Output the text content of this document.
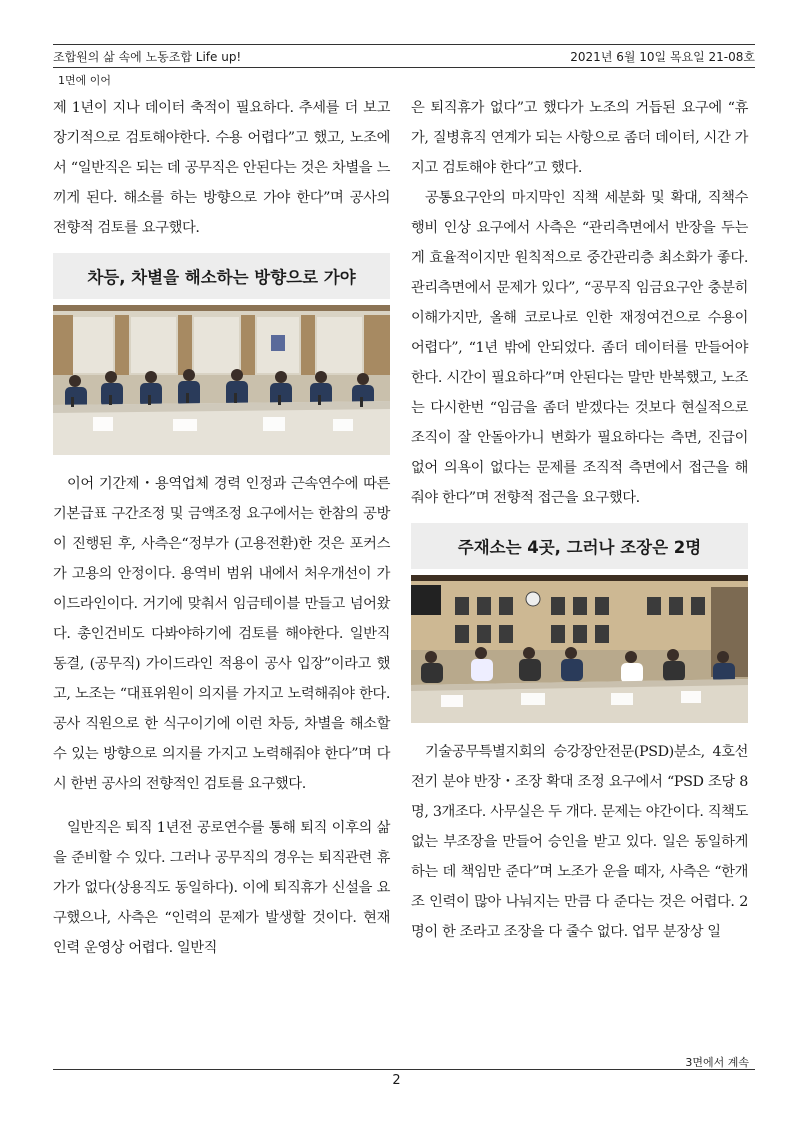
조합원의 삶 속에 노동조합 Life up!	2021년 6월 10일 목요일 21-08호
1면에 이어

제 1년이 지나 데이터 축적이 필요하다. 추세를 더 보고 장기적으로 검토해야한다. 수용 어렵다”고 했고, 노조에서 “일반직은 되는 데 공무직은 안된다는 것은 차별을 느끼게 된다. 해소를 하는 방향으로 가야 한다”며 공사의 전향적 검토를 요구했다.

차등, 차별을 해소하는 방향으로 가야

이어 기간제・용역업체 경력 인정과 근속연수에 따른 기본급표 구간조정 및 금액조정 요구에서는 한참의 공방이 진행된 후, 사측은“정부가 (고용전환)한 것은 포커스가 고용의 안정이다. 용역비 범위 내에서 처우개선이 가이드라인이다. 거기에 맞춰서 임금테이블 만들고 넘어왔다. 총인건비도 다봐야하기에 검토를 해야한다. 일반직 동결, (공무직) 가이드라인 적용이 공사 입장”이라고 했고, 노조는 “대표위원이 의지를 가지고 노력해줘야 한다. 공사 직원으로 한 식구이기에 이런 차등, 차별을 해소할 수 있는 방향으로 의지를 가지고 노력해줘야 한다”며 다시 한번 공사의 전향적인 검토를 요구했다.

일반직은 퇴직 1년전 공로연수를 통해 퇴직 이후의 삶을 준비할 수 있다. 그러나 공무직의 경우는 퇴직관련 휴가가 없다(상용직도 동일하다). 이에 퇴직휴가 신설을 요구했으나, 사측은 “인력의 문제가 발생할 것이다. 현재 인력 운영상 어렵다. 일반직

은 퇴직휴가 없다”고 했다가 노조의 거듭된 요구에 “휴가, 질병휴직 연계가 되는 사항으로 좀더 데이터, 시간 가지고 검토해야 한다”고 했다.

공통요구안의 마지막인 직책 세분화 및 확대, 직책수행비 인상 요구에서 사측은 “관리측면에서 반장을 두는 게 효율적이지만 원칙적으로 중간관리층 최소화가 좋다. 관리측면에서 문제가 있다”, “공무직 임금요구안 충분히 이해가지만, 올해 코로나로 인한 재정여건으로 수용이 어렵다”, “1년 밖에 안되었다. 좀더 데이터를 만들어야 한다. 시간이 필요하다”며 안된다는 말만 반복했고, 노조는 다시한번 “임금을 좀더 받겠다는 것보다 현실적으로 조직이 잘 안돌아가니 변화가 필요하다는 측면, 진급이 없어 의욕이 없다는 문제를 조직적 측면에서 접근을 해줘야 한다”며 전향적 접근을 요구했다.

주재소는 4곳, 그러나 조장은 2명

기술공무특별지회의 승강장안전문(PSD)분소, 4호선 전기 분야 반장・조장 확대 조정 요구에서 “PSD 조당 8명, 3개조다. 사무실은 두 개다. 문제는 야간이다. 직책도 없는 부조장을 만들어 승인을 받고 있다. 일은 동일하게 하는 데 책임만 준다”며 노조가 운을 떼자, 사측은 “한개조 인력이 많아 나눠지는 만큼 다 준다는 것은 어렵다. 2명이 한 조라고 조장을 다 줄수 없다. 업무 분장상 일

3면에서 계속
2
